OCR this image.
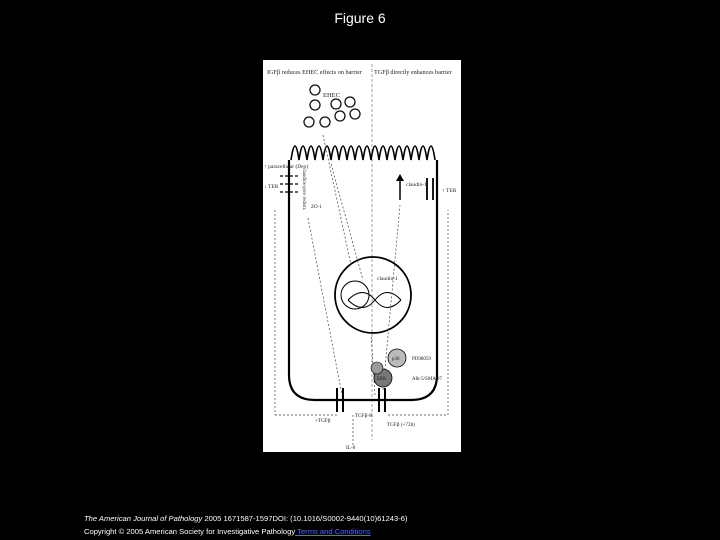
Figure 6
IGFβ reduces EHEC effects on barrier TGFβ directly enhances barrier
EHEC
claudin-1
↑ paracellular (Dex)
↓ TER	claudins-pore redistr. ZO-1
↑ TER
claudin-1
p38
ERK
PD98059
Alk-5/SMAD7
+TGFβ
TGFβ-R
TGFβ (+72h)
IL-8
The American Journal of Pathology 2005 1671587-1597DOI: (10.1016/S0002-9440(10)61243-6)
Copyright © 2005 American Society for Investigative Pathology Terms and Conditions
